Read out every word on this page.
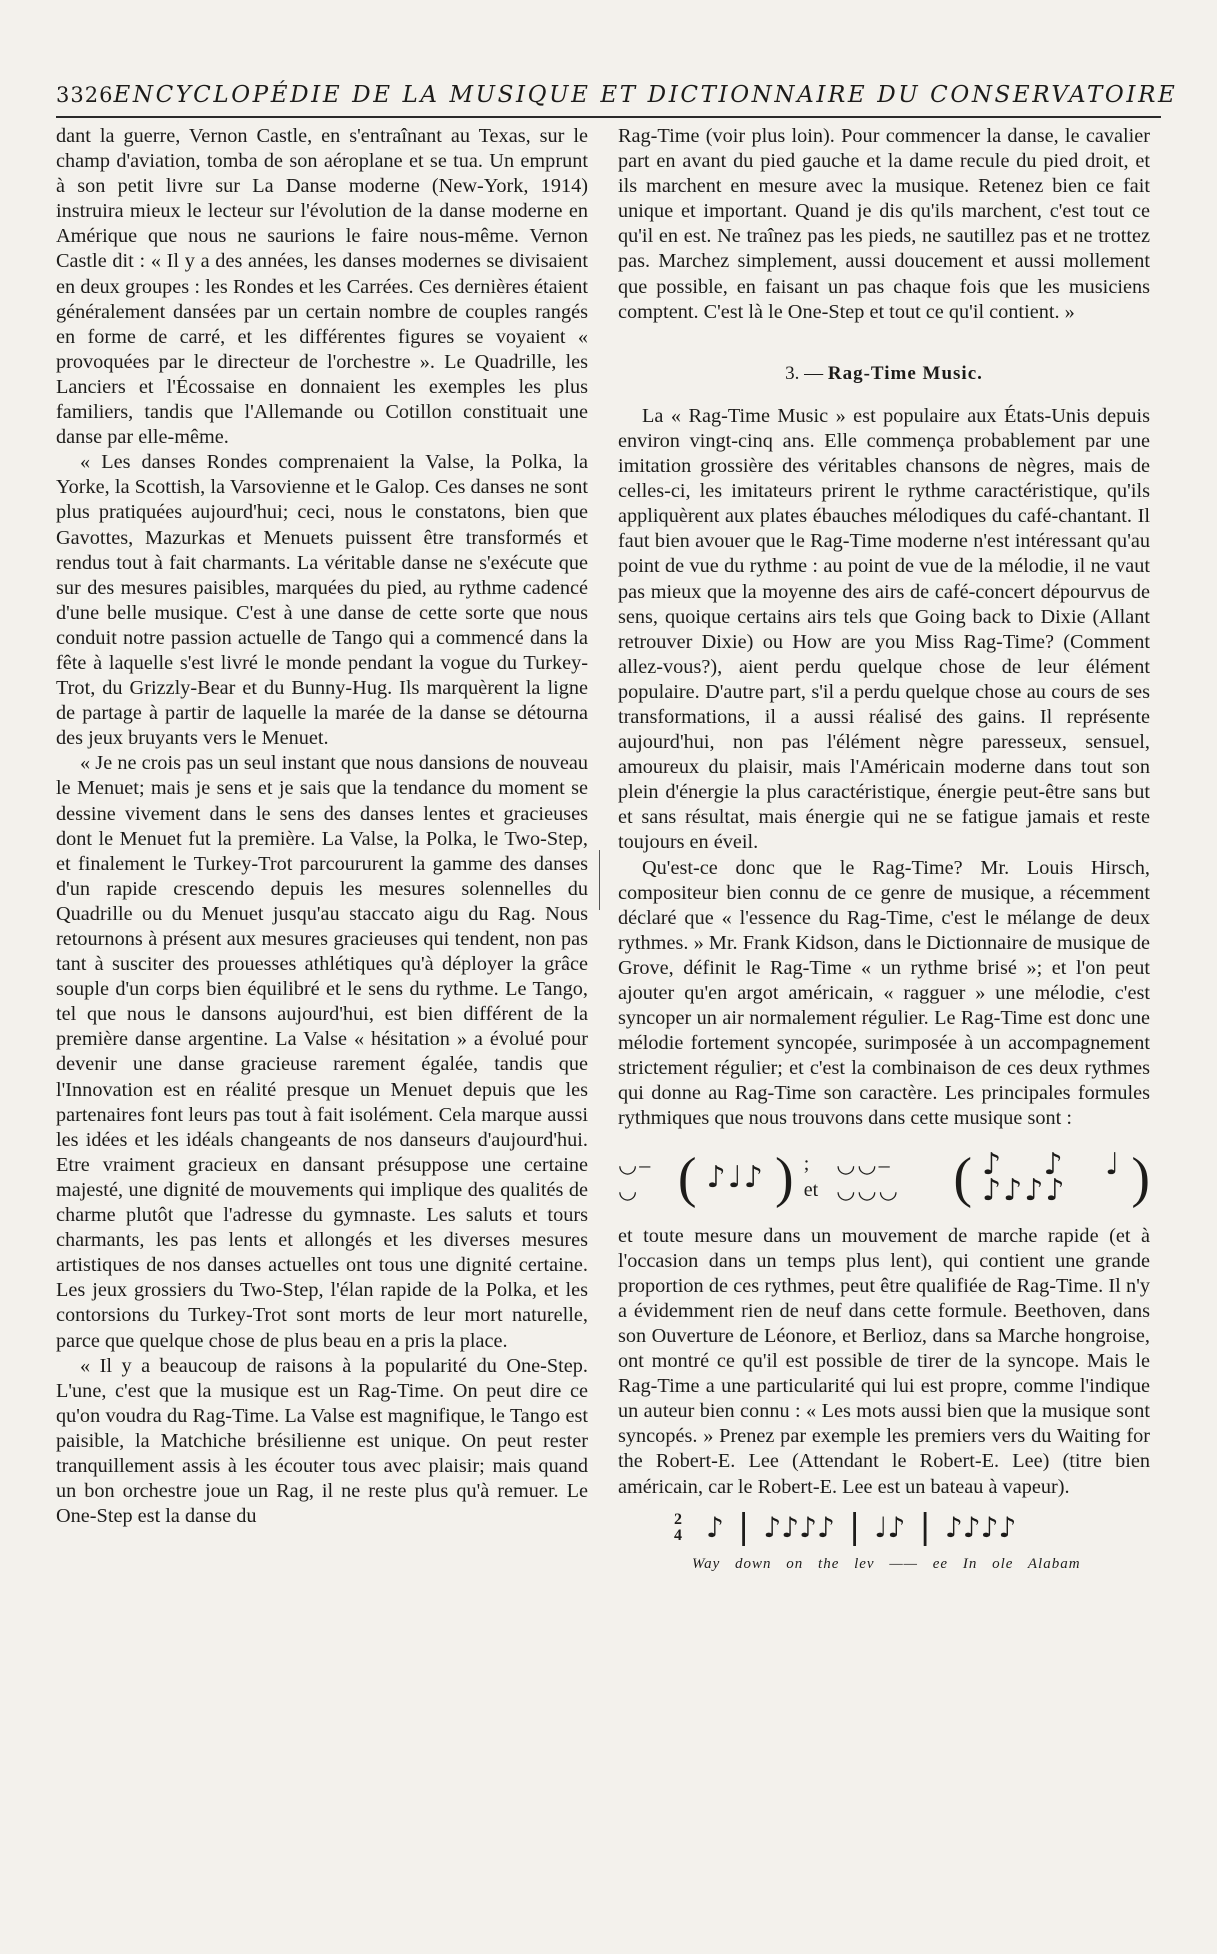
3326 ENCYCLOPÉDIE DE LA MUSIQUE ET DICTIONNAIRE DU CONSERVATOIRE

dant la guerre, Vernon Castle, en s'entraînant au Texas, sur le champ d'aviation, tomba de son aéroplane et se tua. Un emprunt à son petit livre sur La Danse moderne (New-York, 1914) instruira mieux le lecteur sur l'évolution de la danse moderne en Amérique que nous ne saurions le faire nous-même. Vernon Castle dit : « Il y a des années, les danses modernes se divisaient en deux groupes : les Rondes et les Carrées. Ces dernières étaient généralement dansées par un certain nombre de couples rangés en forme de carré, et les différentes figures se voyaient « provoquées par le directeur de l'orchestre ». Le Quadrille, les Lanciers et l'Écossaise en donnaient les exemples les plus familiers, tandis que l'Allemande ou Cotillon constituait une danse par elle-même.

« Les danses Rondes comprenaient la Valse, la Polka, la Yorke, la Scottish, la Varsovienne et le Galop. Ces danses ne sont plus pratiquées aujourd'hui; ceci, nous le constatons, bien que Gavottes, Mazurkas et Menuets puissent être transformés et rendus tout à fait charmants. La véritable danse ne s'exécute que sur des mesures paisibles, marquées du pied, au rythme cadencé d'une belle musique. C'est à une danse de cette sorte que nous conduit notre passion actuelle de Tango qui a commencé dans la fête à laquelle s'est livré le monde pendant la vogue du Turkey-Trot, du Grizzly-Bear et du Bunny-Hug. Ils marquèrent la ligne de partage à partir de laquelle la marée de la danse se détourna des jeux bruyants vers le Menuet.

« Je ne crois pas un seul instant que nous dansions de nouveau le Menuet; mais je sens et je sais que la tendance du moment se dessine vivement dans le sens des danses lentes et gracieuses dont le Menuet fut la première. La Valse, la Polka, le Two-Step, et finalement le Turkey-Trot parcoururent la gamme des danses d'un rapide crescendo depuis les mesures solennelles du Quadrille ou du Menuet jusqu'au staccato aigu du Rag. Nous retournons à présent aux mesures gracieuses qui tendent, non pas tant à susciter des prouesses athlétiques qu'à déployer la grâce souple d'un corps bien équilibré et le sens du rythme. Le Tango, tel que nous le dansons aujourd'hui, est bien différent de la première danse argentine. La Valse « hésitation » a évolué pour devenir une danse gracieuse rarement égalée, tandis que l'Innovation est en réalité presque un Menuet depuis que les partenaires font leurs pas tout à fait isolément. Cela marque aussi les idées et les idéals changeants de nos danseurs d'aujourd'hui. Etre vraiment gracieux en dansant présuppose une certaine majesté, une dignité de mouvements qui implique des qualités de charme plutôt que l'adresse du gymnaste. Les saluts et tours charmants, les pas lents et allongés et les diverses mesures artistiques de nos danses actuelles ont tous une dignité certaine. Les jeux grossiers du Two-Step, l'élan rapide de la Polka, et les contorsions du Turkey-Trot sont morts de leur mort naturelle, parce que quelque chose de plus beau en a pris la place.

« Il y a beaucoup de raisons à la popularité du One-Step. L'une, c'est que la musique est un Rag-Time. On peut dire ce qu'on voudra du Rag-Time. La Valse est magnifique, le Tango est paisible, la Matchiche brésilienne est unique. On peut rester tranquillement assis à les écouter tous avec plaisir; mais quand un bon orchestre joue un Rag, il ne reste plus qu'à remuer. Le One-Step est la danse du

Rag-Time (voir plus loin). Pour commencer la danse, le cavalier part en avant du pied gauche et la dame recule du pied droit, et ils marchent en mesure avec la musique. Retenez bien ce fait unique et important. Quand je dis qu'ils marchent, c'est tout ce qu'il en est. Ne traînez pas les pieds, ne sautillez pas et ne trottez pas. Marchez simplement, aussi doucement et aussi mollement que possible, en faisant un pas chaque fois que les musiciens comptent. C'est là le One-Step et tout ce qu'il contient. »

3. — Rag-Time Music.

La « Rag-Time Music » est populaire aux États-Unis depuis environ vingt-cinq ans. Elle commença probablement par une imitation grossière des véritables chansons de nègres, mais de celles-ci, les imitateurs prirent le rythme caractéristique, qu'ils appliquèrent aux plates ébauches mélodiques du café-chantant. Il faut bien avouer que le Rag-Time moderne n'est intéressant qu'au point de vue du rythme : au point de vue de la mélodie, il ne vaut pas mieux que la moyenne des airs de café-concert dépourvus de sens, quoique certains airs tels que Going back to Dixie (Allant retrouver Dixie) ou How are you Miss Rag-Time? (Comment allez-vous?), aient perdu quelque chose de leur élément populaire. D'autre part, s'il a perdu quelque chose au cours de ses transformations, il a aussi réalisé des gains. Il représente aujourd'hui, non pas l'élément nègre paresseux, sensuel, amoureux du plaisir, mais l'Américain moderne dans tout son plein d'énergie la plus caractéristique, énergie peut-être sans but et sans résultat, mais énergie qui ne se fatigue jamais et reste toujours en éveil.

Qu'est-ce donc que le Rag-Time? Mr. Louis Hirsch, compositeur bien connu de ce genre de musique, a récemment déclaré que « l'essence du Rag-Time, c'est le mélange de deux rythmes. » Mr. Frank Kidson, dans le Dictionnaire de musique de Grove, définit le Rag-Time « un rythme brisé »; et l'on peut ajouter qu'en argot américain, « ragguer » une mélodie, c'est syncoper un air normalement régulier. Le Rag-Time est donc une mélodie fortement syncopée, surimposée à un accompagnement strictement régulier; et c'est la combinaison de ces deux rythmes qui donne au Rag-Time son caractère. Les principales formules rythmiques que nous trouvons dans cette musique sont :

◡–◡ ( ♪♩♪ ) ; et
◡◡–◡◡◡ ( ♪♪♩ ♪♪♪♪	)

et toute mesure dans un mouvement de marche rapide (et à l'occasion dans un temps plus lent), qui contient une grande proportion de ces rythmes, peut être qualifiée de Rag-Time. Il n'y a évidemment rien de neuf dans cette formule. Beethoven, dans son Ouverture de Léonore, et Berlioz, dans sa Marche hongroise, ont montré ce qu'il est possible de tirer de la syncope. Mais le Rag-Time a une particularité qui lui est propre, comme l'indique un auteur bien connu : « Les mots aussi bien que la musique sont syncopés. » Prenez par exemple les premiers vers du Waiting for the Robert-E. Lee (Attendant le Robert-E. Lee) (titre bien américain, car le Robert-E. Lee est un bateau à vapeur).

2
4 ♪ | ♪♪♪♪ | ♩♪ | ♪♪♪♪
Way down on the lev —— ee In ole Alabam
